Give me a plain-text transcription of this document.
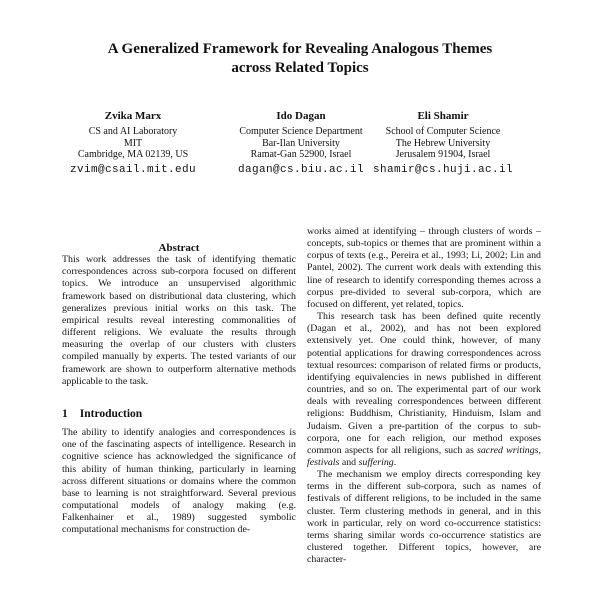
A Generalized Framework for Revealing Analogous Themes across Related Topics
Zvika Marx
CS and AI Laboratory
MIT
Cambridge, MA 02139, US
zvim@csail.mit.edu
Ido Dagan
Computer Science Department
Bar-Ilan University
Ramat-Gan 52900, Israel
dagan@cs.biu.ac.il
Eli Shamir
School of Computer Science
The Hebrew University
Jerusalem 91904, Israel
shamir@cs.huji.ac.il
Abstract

This work addresses the task of identifying thematic correspondences across sub-corpora focused on different topics. We introduce an unsupervised algorithmic framework based on distributional data clustering, which generalizes previous initial works on this task. The empirical results reveal interesting commonalities of different religions. We evaluate the results through measuring the overlap of our clusters with clusters compiled manually by experts. The tested variants of our framework are shown to outperform alternative methods applicable to the task.

1 Introduction

The ability to identify analogies and correspondences is one of the fascinating aspects of intelligence. Research in cognitive science has acknowledged the significance of this ability of human thinking, particularly in learning across different situations or domains where the common base to learning is not straightforward. Several previous computational models of analogy making (e.g. Falkenhainer et al., 1989) suggested symbolic computational mechanisms for construction de-

works aimed at identifying – through clusters of words – concepts, sub-topics or themes that are prominent within a corpus of texts (e.g., Pereira et al., 1993; Li, 2002; Lin and Pantel, 2002). The current work deals with extending this line of research to identify corresponding themes across a corpus pre-divided to several sub-corpora, which are focused on different, yet related, topics.

This research task has been defined quite recently (Dagan et al., 2002), and has not been explored extensively yet. One could think, however, of many potential applications for drawing correspondences across textual resources: comparison of related firms or products, identifying equivalencies in news published in different countries, and so on. The experimental part of our work deals with revealing correspondences between different religions: Buddhism, Christianity, Hinduism, Islam and Judaism. Given a pre-partition of the corpus to sub-corpora, one for each religion, our method exposes common aspects for all religions, such as sacred writings, festivals and suffering.

The mechanism we employ directs corresponding key terms in the different sub-corpora, such as names of festivals of different religions, to be included in the same cluster. Term clustering methods in general, and in this work in particular, rely on word co-occurrence statistics: terms sharing similar words co-occurrence statistics are clustered together. Different topics, however, are character-
